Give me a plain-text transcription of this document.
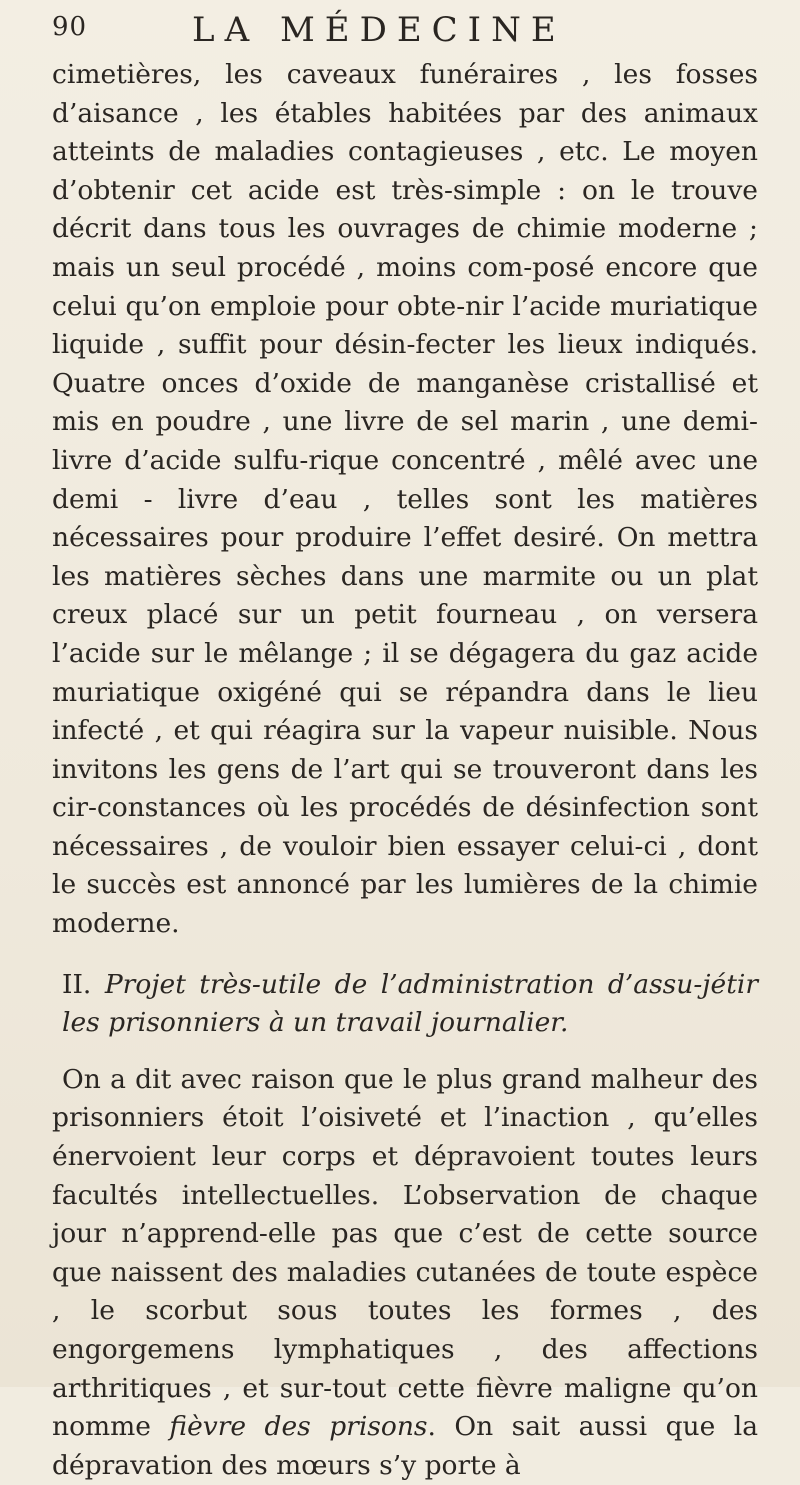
90	LA MÉDECINE

cimetières, les caveaux funéraires , les fosses d’aisance , les étables habitées par des animaux atteints de maladies contagieuses , etc. Le moyen d’obtenir cet acide est très-simple : on le trouve décrit dans tous les ouvrages de chimie moderne ; mais un seul procédé , moins com-posé encore que celui qu’on emploie pour obte-nir l’acide muriatique liquide , suffit pour désin-fecter les lieux indiqués. Quatre onces d’oxide de manganèse cristallisé et mis en poudre , une livre de sel marin , une demi-livre d’acide sulfu-rique concentré , mêlé avec une demi - livre d’eau , telles sont les matières nécessaires pour produire l’effet desiré. On mettra les matières sèches dans une marmite ou un plat creux placé sur un petit fourneau , on versera l’acide sur le mêlange ; il se dégagera du gaz acide muriatique oxigéné qui se répandra dans le lieu infecté , et qui réagira sur la vapeur nuisible. Nous invitons les gens de l’art qui se trouveront dans les cir-constances où les procédés de désinfection sont nécessaires , de vouloir bien essayer celui-ci , dont le succès est annoncé par les lumières de la chimie moderne.

II. Projet très-utile de l’administration d’assu-jétir les prisonniers à un travail journalier.

On a dit avec raison que le plus grand malheur des prisonniers étoit l’oisiveté et l’inaction , qu’elles énervoient leur corps et dépravoient toutes leurs facultés intellectuelles. L’observation de chaque jour n’apprend-elle pas que c’est de cette source que naissent des maladies cutanées de toute espèce , le scorbut sous toutes les formes , des engorgemens lymphatiques , des affections arthritiques , et sur-tout cette fièvre maligne qu’on nomme fièvre des prisons. On sait aussi que la dépravation des mœurs s’y porte à
